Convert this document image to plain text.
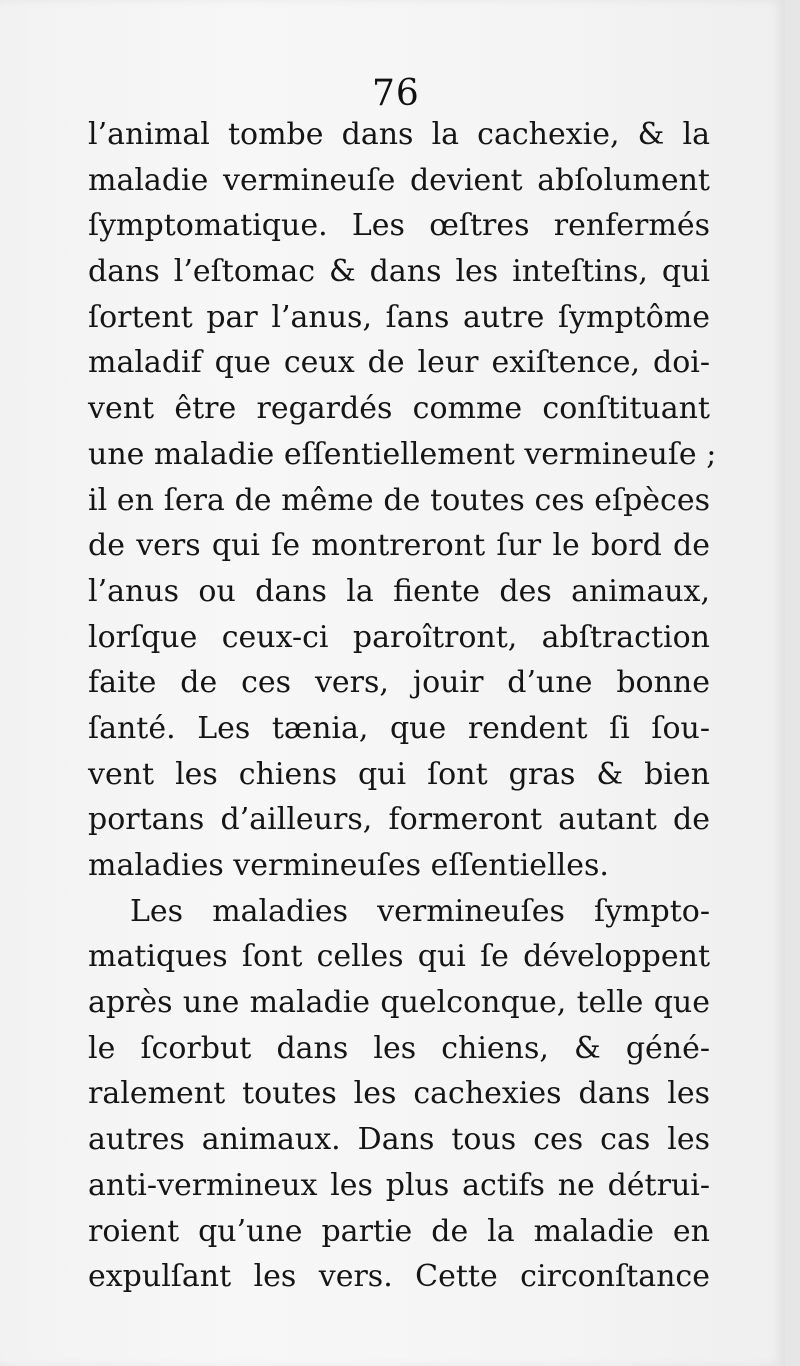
76
l’animal tombe dans la cachexie, & la
maladie vermineuſe devient abſolument
ſymptomatique. Les œſtres renfermés
dans l’eſtomac & dans les inteſtins, qui
ſortent par l’anus, ſans autre ſymptôme
maladif que ceux de leur exiſtence, doi-
vent être regardés comme conſtituant
une maladie eſſentiellement vermineuſe ;
il en ſera de même de toutes ces eſpèces
de vers qui ſe montreront ſur le bord de
l’anus ou dans la fiente des animaux,
lorſque ceux-ci paroîtront, abſtraction
faite de ces vers, jouir d’une bonne
ſanté. Les tænia, que rendent ſi ſou-
vent les chiens qui ſont gras & bien
portans d’ailleurs, formeront autant de
maladies vermineuſes eſſentielles.
Les maladies vermineuſes ſympto-
matiques ſont celles qui ſe développent
après une maladie quelconque, telle que
le ſcorbut dans les chiens, & géné-
ralement toutes les cachexies dans les
autres animaux. Dans tous ces cas les
anti-vermineux les plus actifs ne détrui-
roient qu’une partie de la maladie en
expulſant les vers. Cette circonſtance
